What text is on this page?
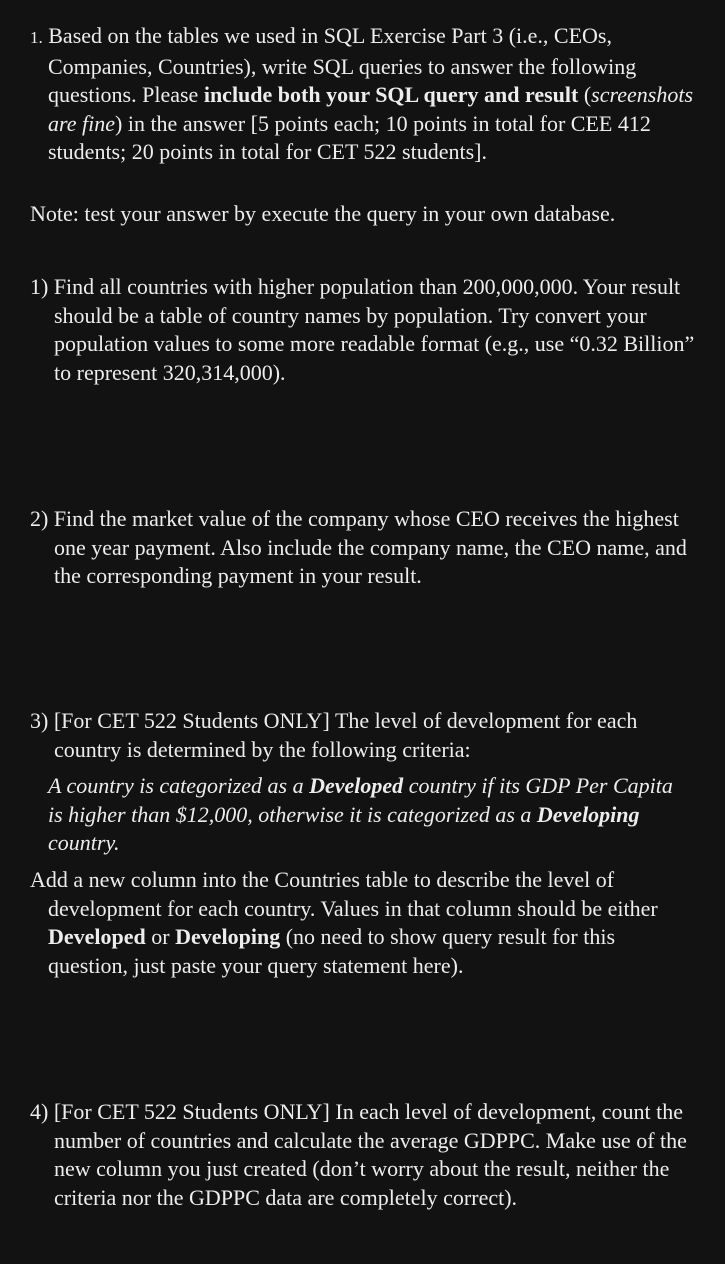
1. Based on the tables we used in SQL Exercise Part 3 (i.e., CEOs, Companies, Countries), write SQL queries to answer the following questions. Please include both your SQL query and result (screenshots are fine) in the answer [5 points each; 10 points in total for CEE 412 students; 20 points in total for CET 522 students].
Note: test your answer by execute the query in your own database.
1) Find all countries with higher population than 200,000,000. Your result should be a table of country names by population. Try convert your population values to some more readable format (e.g., use “0.32 Billion” to represent 320,314,000).
2) Find the market value of the company whose CEO receives the highest one year payment. Also include the company name, the CEO name, and the corresponding payment in your result.
3) [For CET 522 Students ONLY] The level of development for each country is determined by the following criteria:
A country is categorized as a Developed country if its GDP Per Capita is higher than $12,000, otherwise it is categorized as a Developing country.
Add a new column into the Countries table to describe the level of development for each country. Values in that column should be either Developed or Developing (no need to show query result for this question, just paste your query statement here).
4) [For CET 522 Students ONLY] In each level of development, count the number of countries and calculate the average GDPPC. Make use of the new column you just created (don’t worry about the result, neither the criteria nor the GDPPC data are completely correct).
